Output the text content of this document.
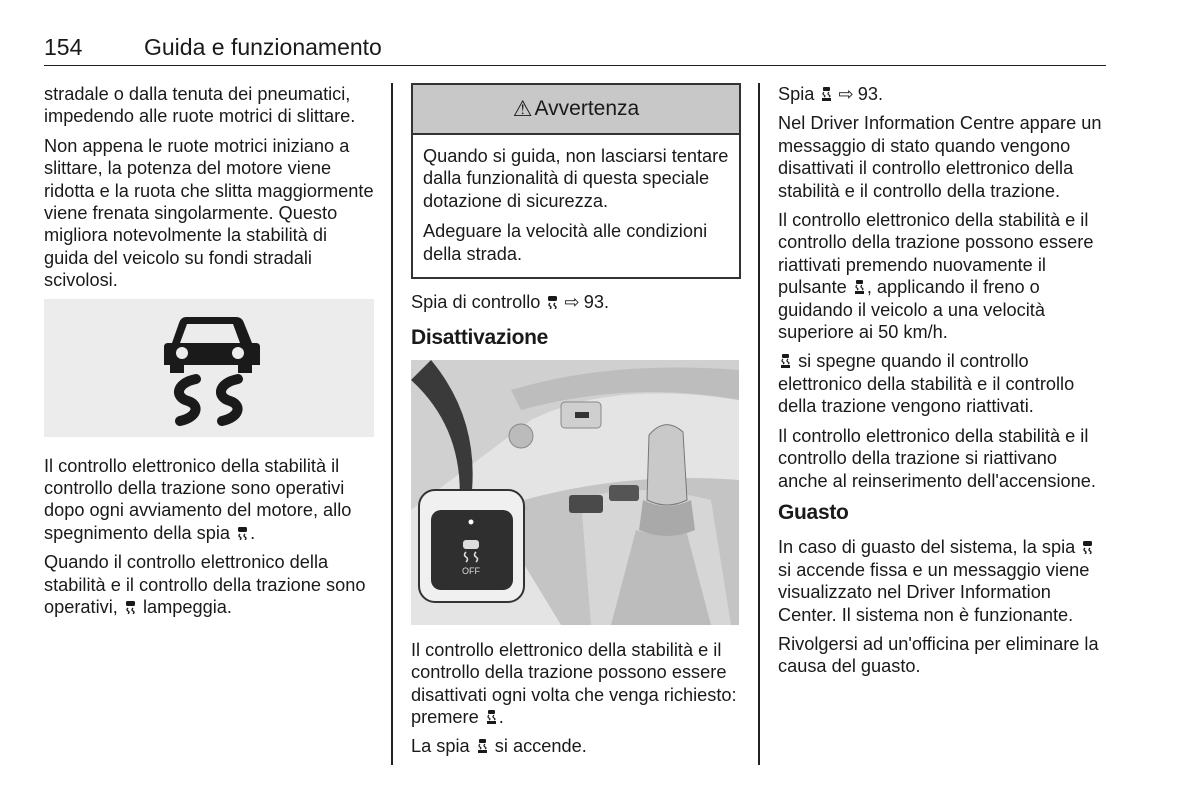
154	Guida e funzionamento

stradale o dalla tenuta dei pneumatici, impedendo alle ruote motrici di slittare.

Non appena le ruote motrici iniziano a slittare, la potenza del motore viene ridotta e la ruota che slitta maggiormente viene frenata singolarmente. Questo migliora notevolmente la stabilità di guida del veicolo su fondi stradali scivolosi.

Il controllo elettronico della stabilità il controllo della trazione sono operativi dopo ogni avviamento del motore, allo spegnimento della spia .

Quando il controllo elettronico della stabilità e il controllo della trazione sono operativi, lampeggia.

⚠ Avvertenza

Quando si guida, non lasciarsi tentare dalla funzionalità di questa speciale dotazione di sicurezza.

Adeguare la velocità alle condizioni della strada.

Spia di controllo ⇨ 93.

Disattivazione
OFF

Il controllo elettronico della stabilità e il controllo della trazione possono essere disattivati ogni volta che venga richiesto: premere .

La spia si accende.

Spia ⇨ 93.

Nel Driver Information Centre appare un messaggio di stato quando vengono disattivati il controllo elettronico della stabilità e il controllo della trazione.

Il controllo elettronico della stabilità e il controllo della trazione possono essere riattivati premendo nuovamente il pulsante , applicando il freno o guidando il veicolo a una velocità superiore ai 50 km/h.

si spegne quando il controllo elettronico della stabilità e il controllo della trazione vengono riattivati.

Il controllo elettronico della stabilità e il controllo della trazione si riattivano anche al reinserimento dell'accensione.

Guasto

In caso di guasto del sistema, la spia
si accende fissa e un messaggio viene visualizzato nel Driver Information Center. Il sistema non è funzionante.

Rivolgersi ad un'officina per eliminare la causa del guasto.
